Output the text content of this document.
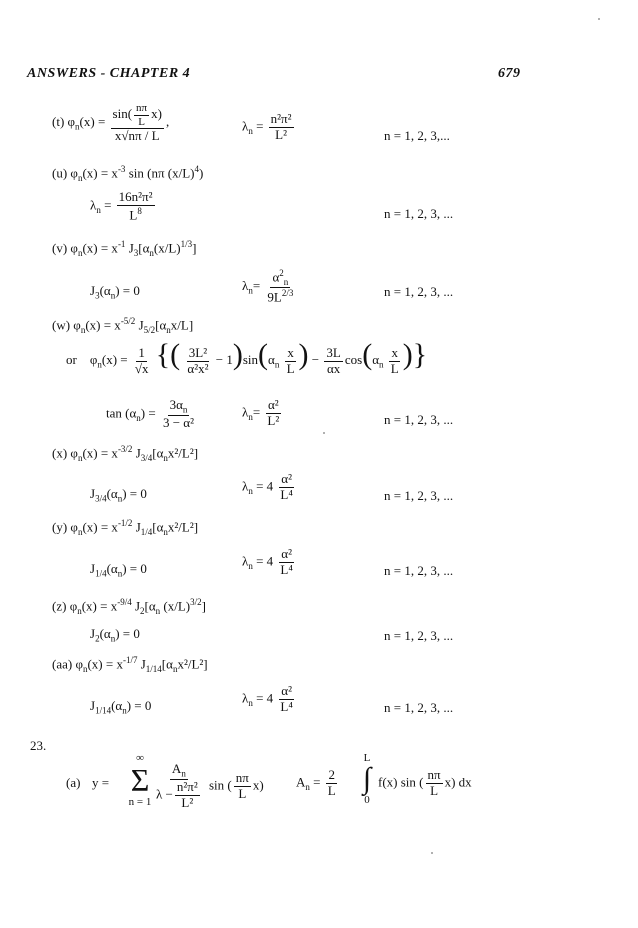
ANSWERS - CHAPTER 4	679
(t) $\varphi_n(x) = \frac{\sin( \frac{n\pi}{L} x)}{x√n\pi / L}$ ,	$\lambda_n = \frac{\text{n²π²}}{\text{L²}}$	n = 1, 2, 3,...
(u) $\varphi_n(x) = x^{-3}$ sin (nπ $(x/L)^4$)
$\lambda_n = \frac{\text{16n²π²}}{L^8}$	n = 1, 2, 3, ...
(v) $\varphi_n(x) = x^{-1}$ $J_3[\alpha_n(x/L)^{1/3}]$
$J_3(\alpha_n) = 0$	$\lambda_n= \frac{\alpha^2_n}{9L^{2/3}}$	n = 1, 2, 3, ...
(w) $\varphi_n(x) = x^{-5/2}$ $J_{5/2}[\alpha_nx/L]$
or $\varphi_n(x) = \frac{1}{√x}$ {( $\frac{\text{3L²}}{\text{α²x²}} - 1)\sin(\alpha_n \frac{x}{L}$ ) − $\frac{3L}{\alpha x} \cos(\alpha_n \frac{x}{L}$ )}
$\tan (\alpha_n) = \frac{3\alpha_n}{\text{3 − α²}}$	$\lambda_n= \frac{\text{α²}}{\text{L²}}$	n = 1, 2, 3, ...
(x) $\varphi_n(x) = x^{-3/2}$ $J_{3/4}[\alpha_nx^2/L^2]$
$J_{3/4}(\alpha_n) = 0$
$\lambda_n = 4 \frac{\text{α²}}{\text{L⁴}}$	n = 1, 2, 3, ...
(y) $\varphi_n(x) = x^{-1/2}$ $J_{1/4}[\alpha_nx^2/L^2]$
$J_{1/4}(\alpha_n) = 0$
$\lambda_n = 4 \frac{\text{α²}}{\text{L⁴}}$	n = 1, 2, 3, ...
(z) $\varphi_n(x) = x^{-9/4}$ $J_2[\alpha_n$ $(x/L)^{3/2}$]
$J_2(\alpha_n) = 0$	n = 1, 2, 3, ...
(aa) $\varphi_n(x) = x^{-1/7}$ $J_{1/14}[\alpha_nx^2/L^2]$
$J_{1/14}(\alpha_n) = 0$
$\lambda_n = 4 \frac{\text{α²}}{\text{L⁴}}$	n = 1, 2, 3, ...
23.
(a) y =
∞
Σ
$n = 1 \frac{A_n}{\lambda - \frac{\text{n²π²}}{\text{L²}}}$ sin ( $\frac{n\pi}{L} x$) $A_n = \frac{2}{L}$
L
∫
0
f(x) sin ( $\frac{n\pi}{L} x$) dx
